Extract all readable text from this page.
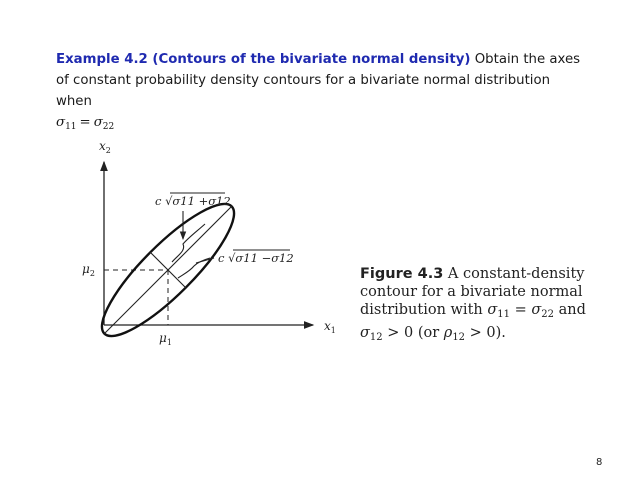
Example 4.2 (Contours of the bivariate normal density) Obtain the axes of constant probability density contours for a bivariate normal distribution when
$\sigma_{11} = \sigma_{22}$
$x_1$
$x_2$
$\mu_1$
$\mu_2$
c √σ11 +σ12
c √σ11 −σ12
Figure 4.3 A constant-density contour for a bivariate normal distribution with $\sigma_{11} = \sigma_{22}$ and $\sigma_{12} > 0$ (or $\rho_{12} > 0$).
8
